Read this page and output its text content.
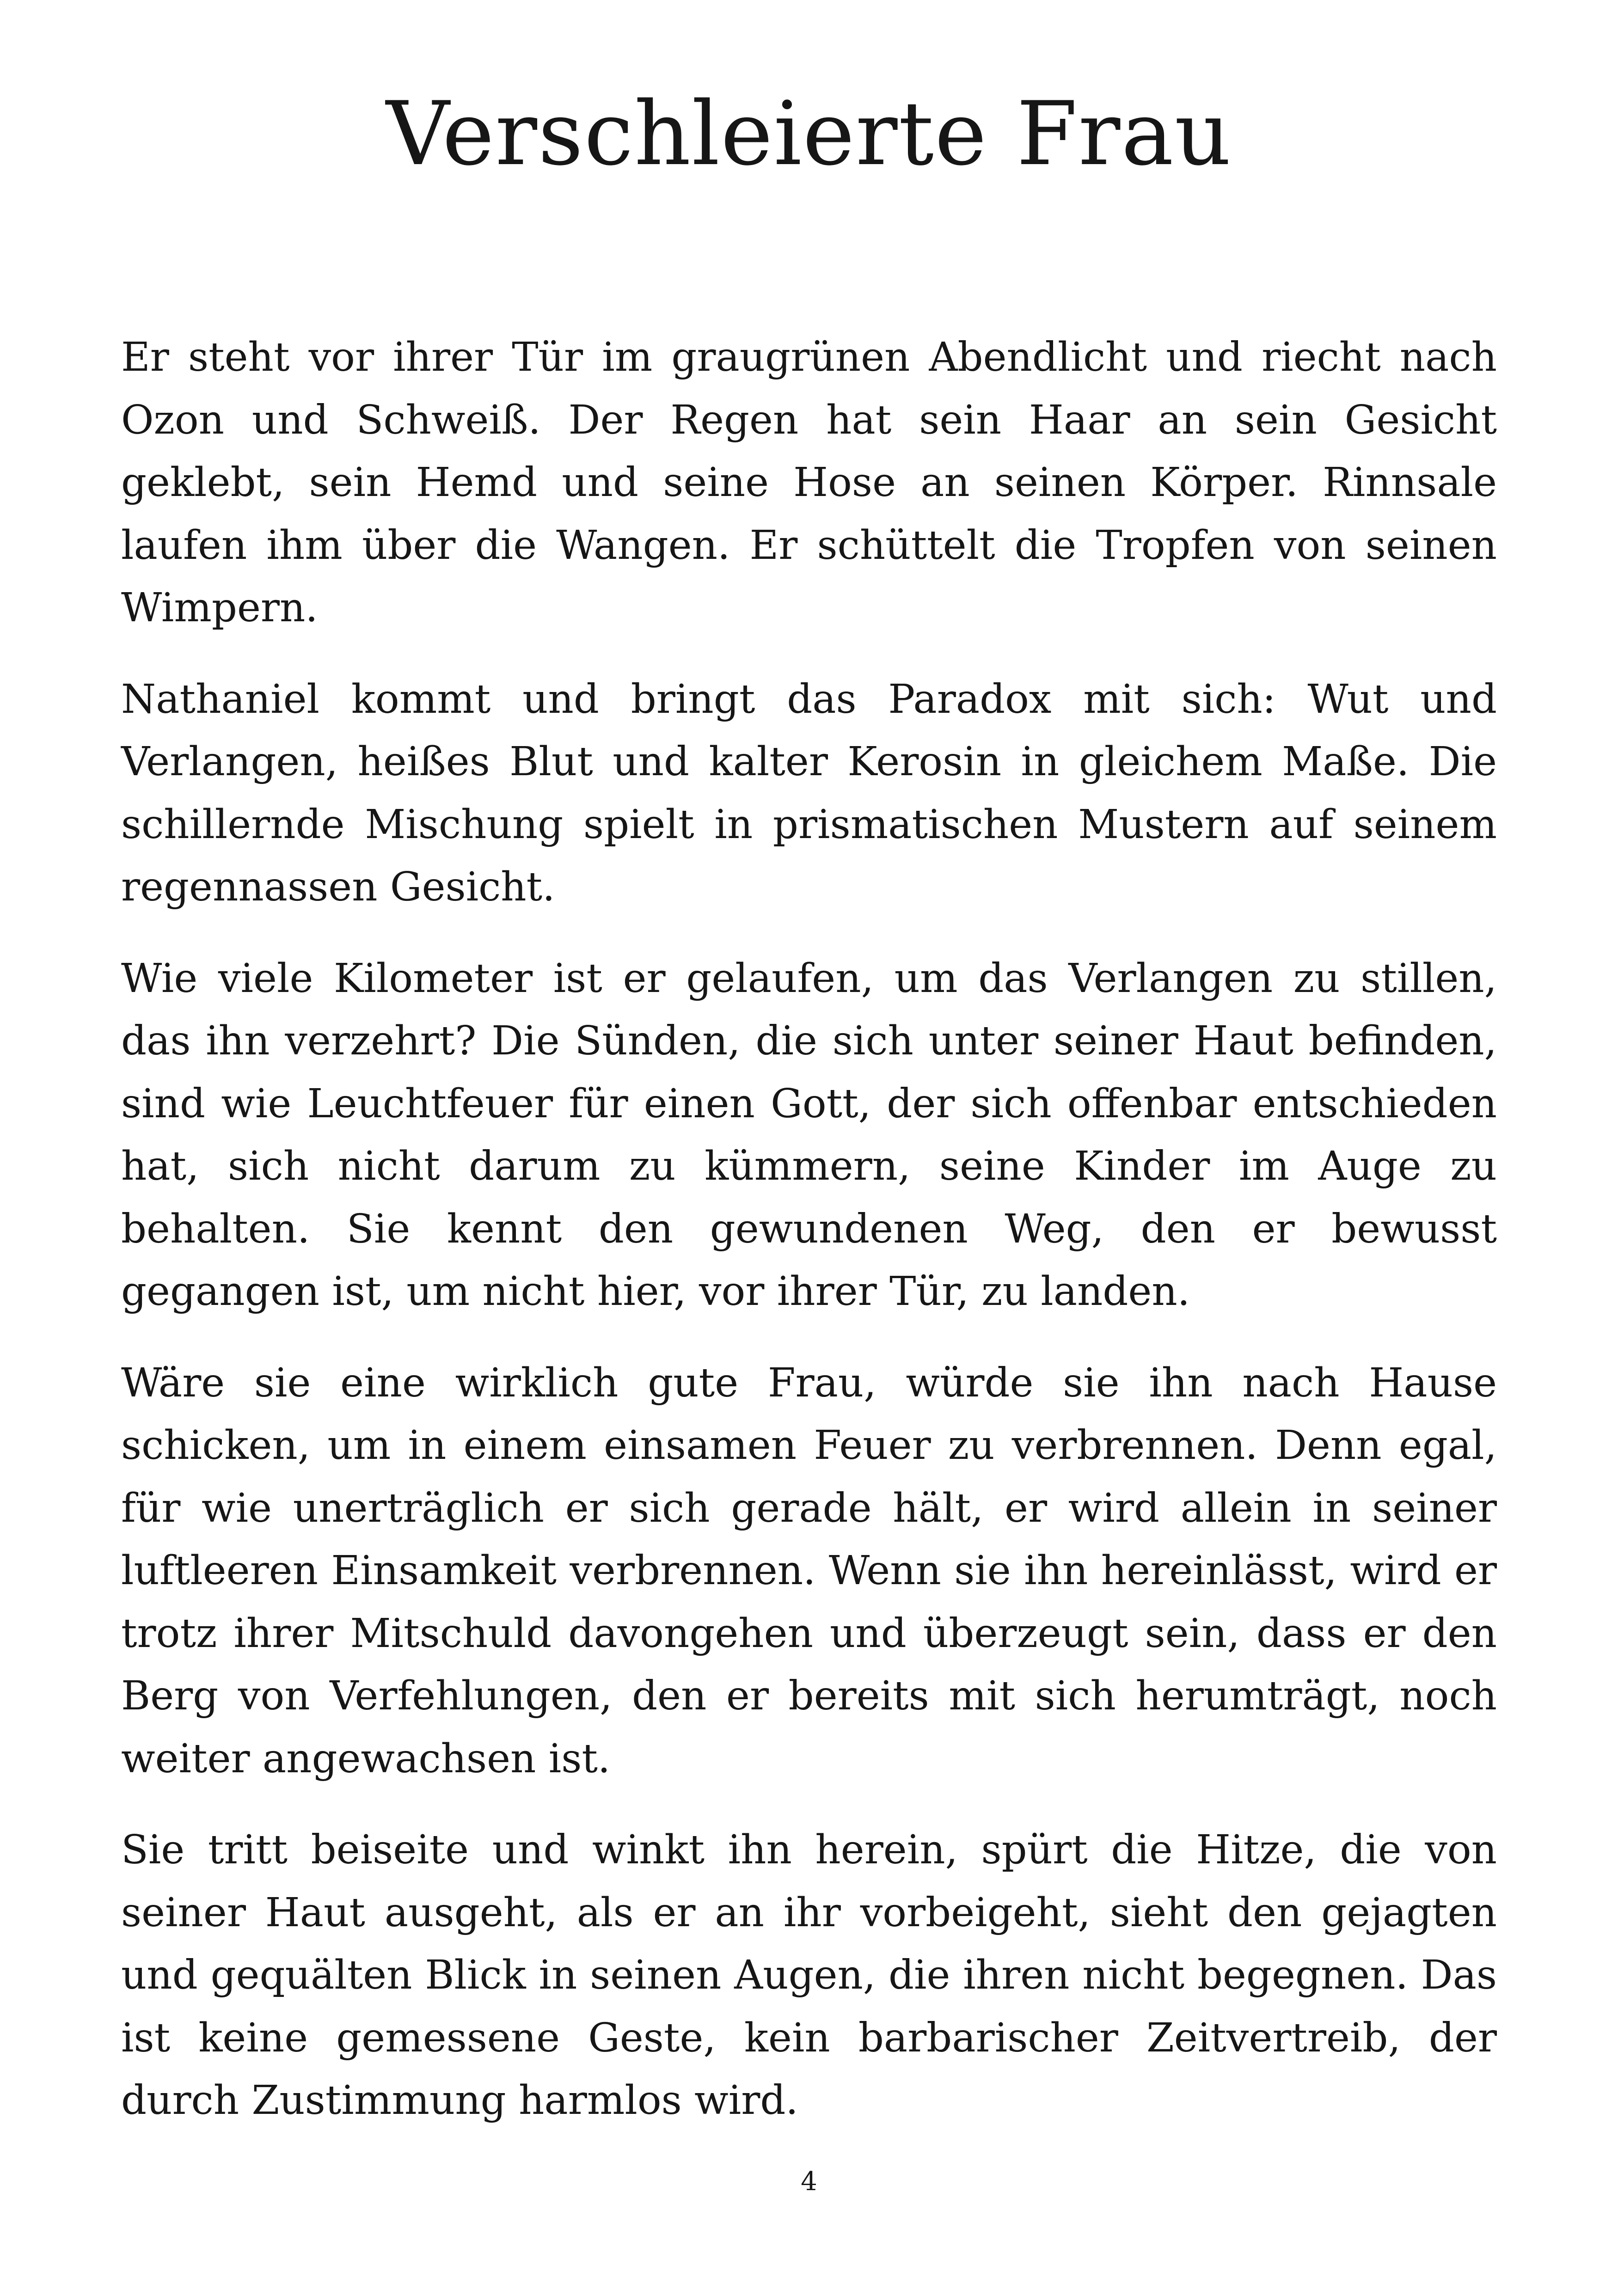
Verschleierte Frau

Er steht vor ihrer Tür im graugrünen Abendlicht und riecht nach Ozon und Schweiß. Der Regen hat sein Haar an sein Gesicht geklebt, sein Hemd und seine Hose an seinen Körper. Rinnsale laufen ihm über die Wangen. Er schüttelt die Tropfen von seinen Wimpern.

Nathaniel kommt und bringt das Paradox mit sich: Wut und Verlangen, heißes Blut und kalter Kerosin in gleichem Maße. Die schillernde Mischung spielt in prismatischen Mustern auf seinem regennassen Gesicht.

Wie viele Kilometer ist er gelaufen, um das Verlangen zu stillen, das ihn verzehrt? Die Sünden, die sich unter seiner Haut befinden, sind wie Leuchtfeuer für einen Gott, der sich offenbar entschieden hat, sich nicht darum zu kümmern, seine Kinder im Auge zu behalten. Sie kennt den gewundenen Weg, den er bewusst gegangen ist, um nicht hier, vor ihrer Tür, zu landen.

Wäre sie eine wirklich gute Frau, würde sie ihn nach Hause schicken, um in einem einsamen Feuer zu verbrennen. Denn egal, für wie unerträglich er sich gerade hält, er wird allein in seiner luftleeren Einsamkeit verbrennen. Wenn sie ihn hereinlässt, wird er trotz ihrer Mitschuld davongehen und überzeugt sein, dass er den Berg von Verfehlungen, den er bereits mit sich herumträgt, noch weiter angewachsen ist.

Sie tritt beiseite und winkt ihn herein, spürt die Hitze, die von seiner Haut ausgeht, als er an ihr vorbeigeht, sieht den gejagten und gequälten Blick in seinen Augen, die ihren nicht begegnen. Das ist keine gemessene Geste, kein barbarischer Zeitvertreib, der durch Zustimmung harmlos wird.

4
